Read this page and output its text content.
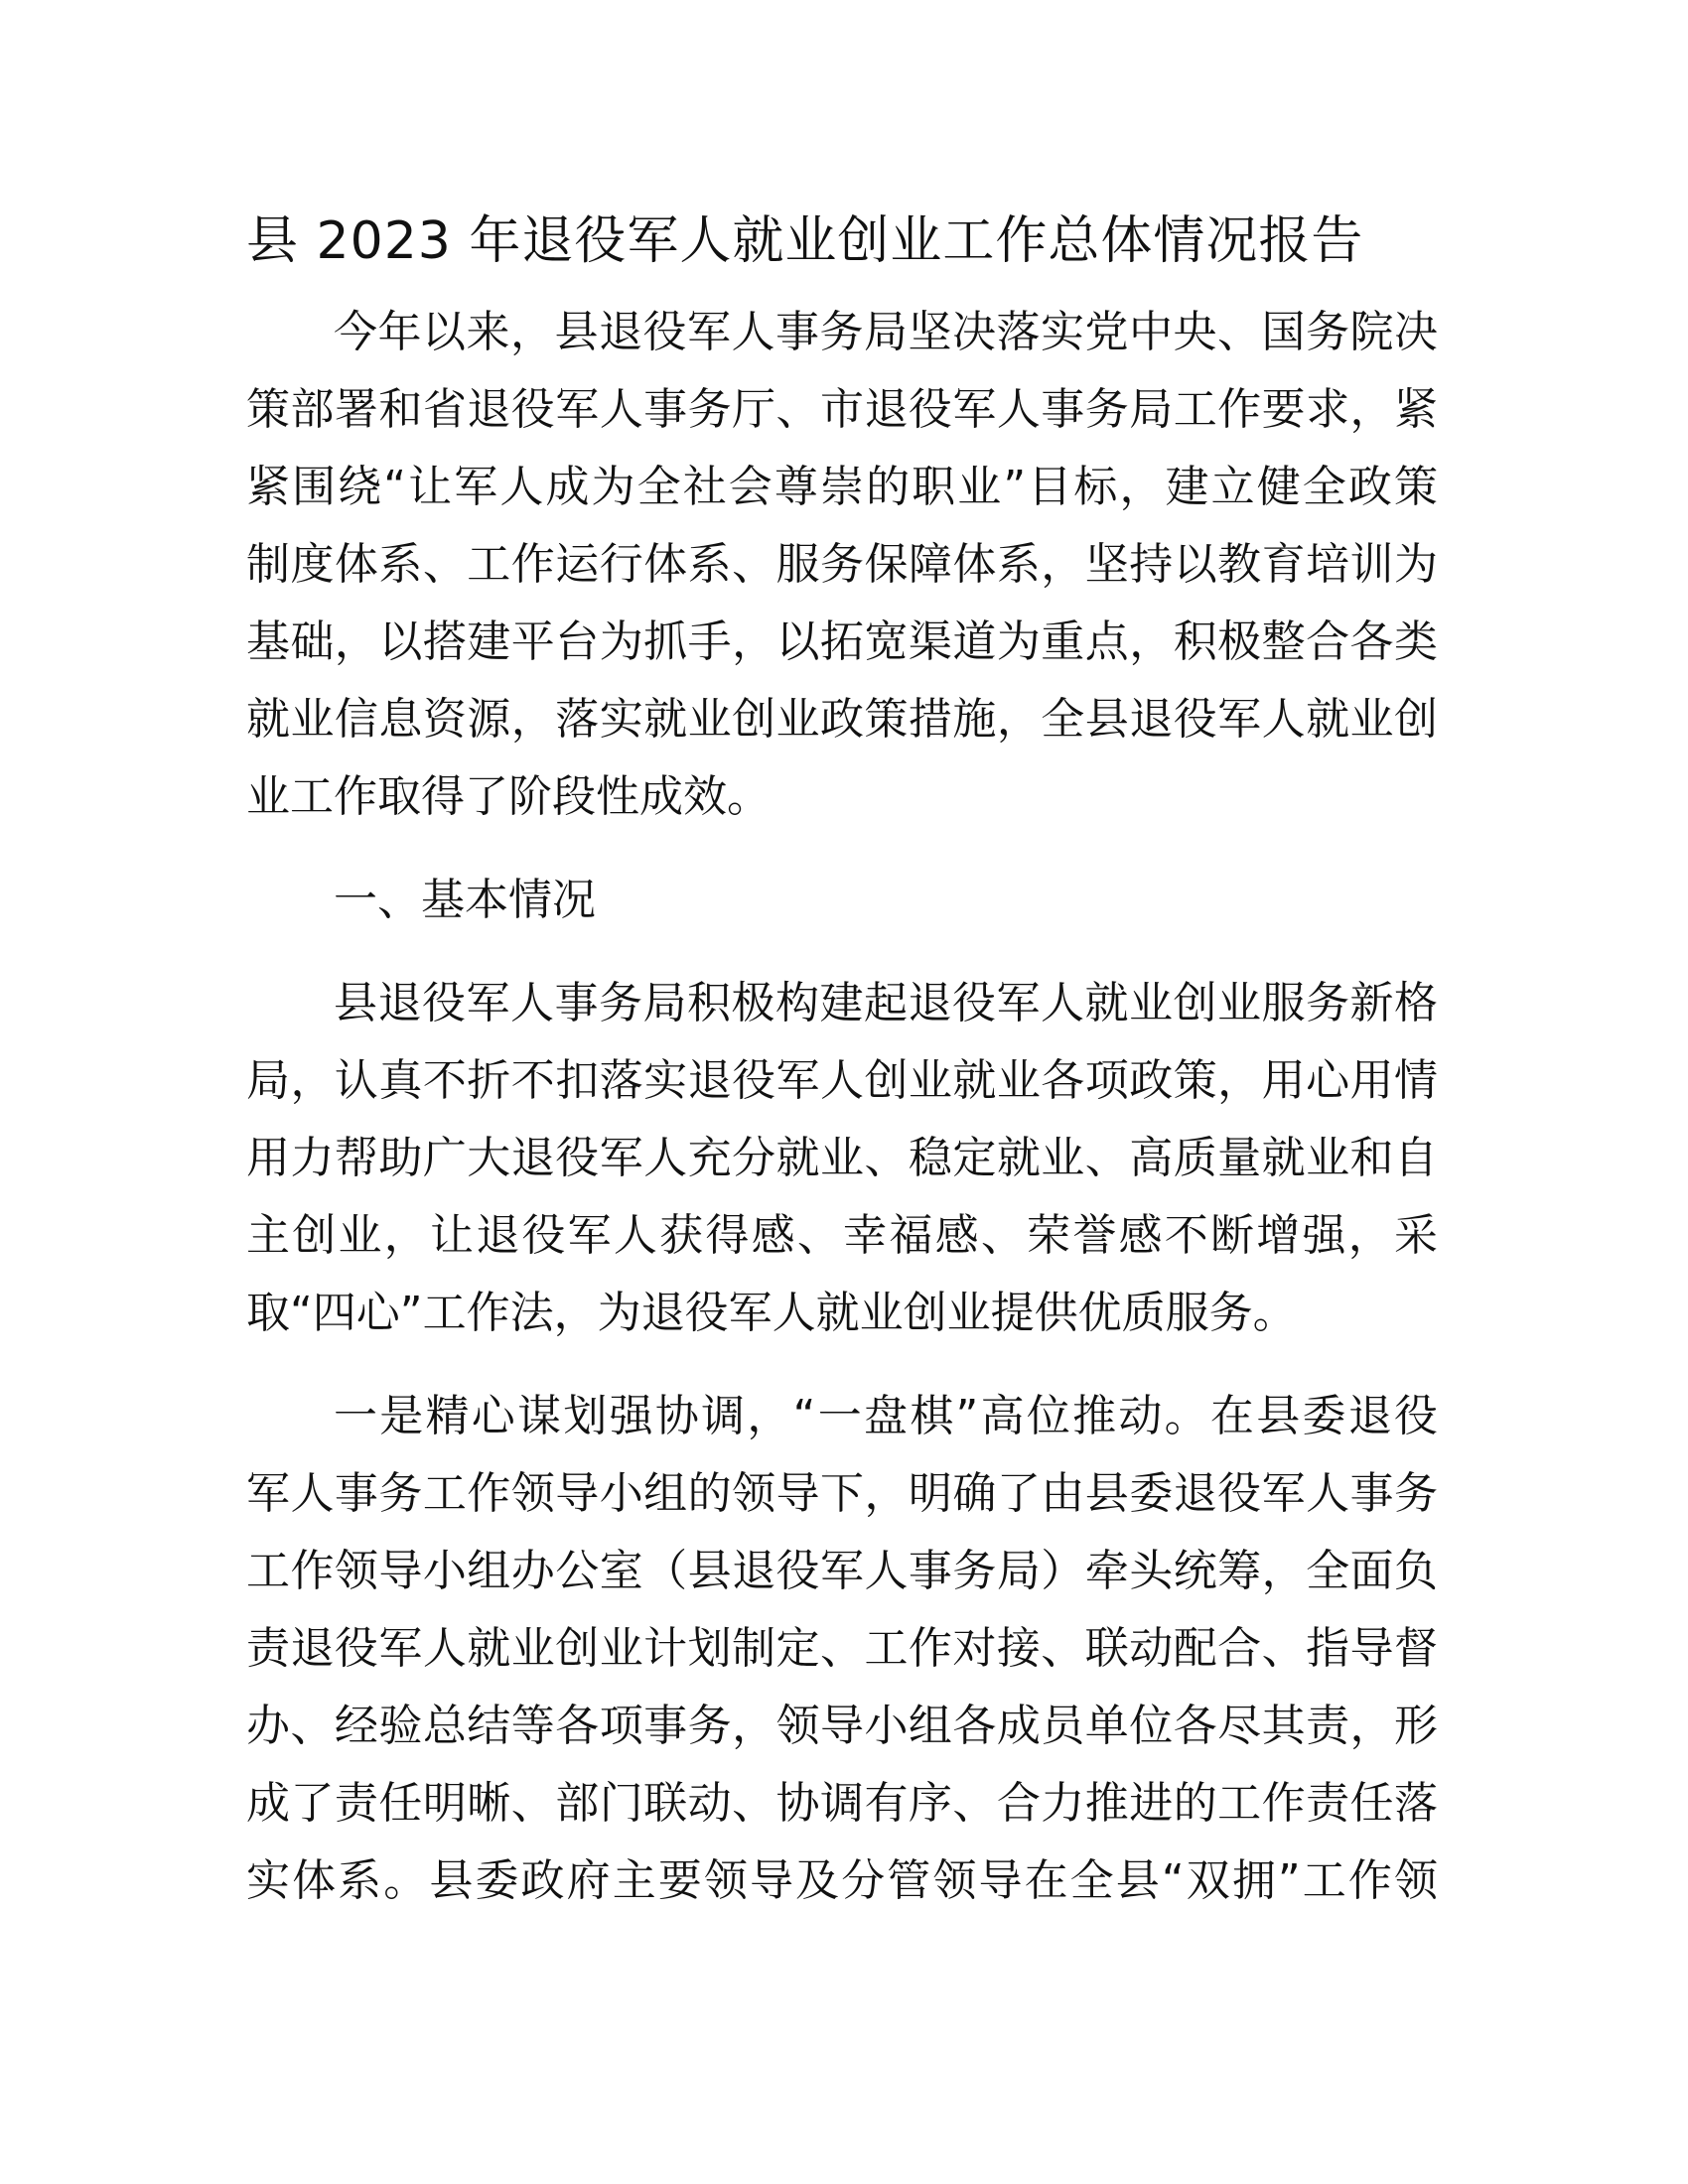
县 2023 年退役军人就业创业工作总体情况报告
今年以来，县退役军人事务局坚决落实党中央、国务院决
策部署和省退役军人事务厅、市退役军人事务局工作要求，紧
紧围绕“让军人成为全社会尊崇的职业”目标，建立健全政策
制度体系、工作运行体系、服务保障体系，坚持以教育培训为
基础，以搭建平台为抓手，以拓宽渠道为重点，积极整合各类
就业信息资源，落实就业创业政策措施，全县退役军人就业创
业工作取得了阶段性成效。
一、基本情况
县退役军人事务局积极构建起退役军人就业创业服务新格
局，认真不折不扣落实退役军人创业就业各项政策，用心用情
用力帮助广大退役军人充分就业、稳定就业、高质量就业和自
主创业，让退役军人获得感、幸福感、荣誉感不断增强，采
取“四心”工作法，为退役军人就业创业提供优质服务。
一是精心谋划强协调，“一盘棋”高位推动。在县委退役
军人事务工作领导小组的领导下，明确了由县委退役军人事务
工作领导小组办公室（县退役军人事务局）牵头统筹，全面负
责退役军人就业创业计划制定、工作对接、联动配合、指导督
办、经验总结等各项事务，领导小组各成员单位各尽其责，形
成了责任明晰、部门联动、协调有序、合力推进的工作责任落
实体系。县委政府主要领导及分管领导在全县“双拥”工作领
